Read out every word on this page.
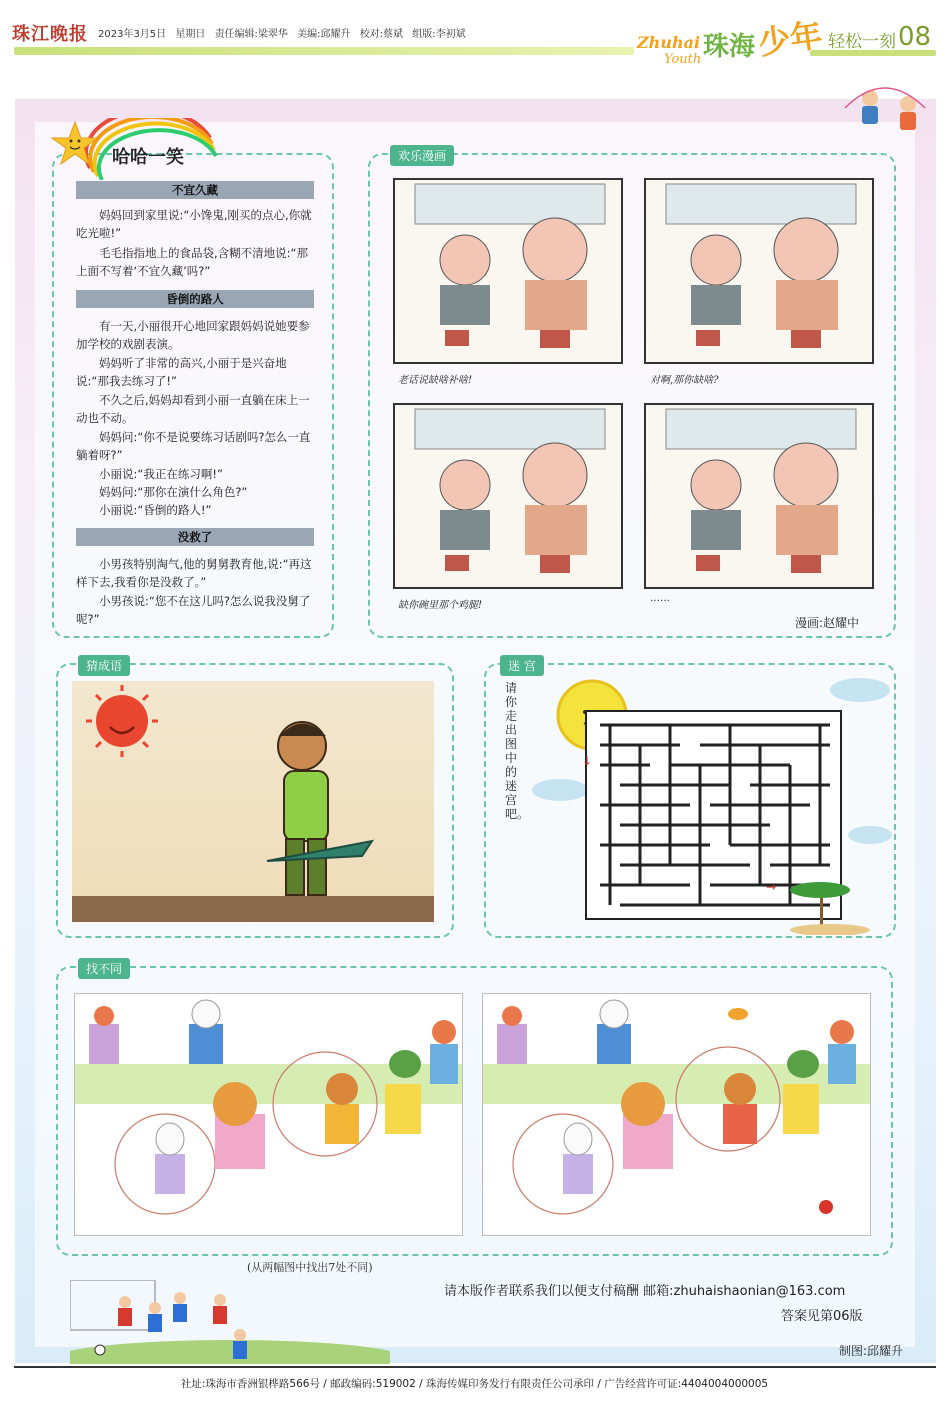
珠江晚报 2023年3月5日 星期日 责任编辑:梁翠华 美编:邱耀升 校对:蔡斌 组版:李初斌	Zhuhai
Youth 珠海 少年 轻松一刻 08
哈哈一笑
不宜久藏
妈妈回到家里说:“小馋鬼,刚买的点心,你就吃光啦!”
毛毛指指地上的食品袋,含糊不清地说:“那上面不写着‘不宜久藏’吗?”
昏倒的路人
有一天,小丽很开心地回家跟妈妈说她要参加学校的戏剧表演。
妈妈听了非常的高兴,小丽于是兴奋地说:“那我去练习了!”
不久之后,妈妈却看到小丽一直躺在床上一动也不动。
妈妈问:“你不是说要练习话剧吗?怎么一直躺着呀?”
小丽说:“我正在练习啊!”
妈妈问:“那你在演什么角色?”
小丽说:“昏倒的路人!”
没救了
小男孩特别淘气,他的舅舅教育他,说:“再这样下去,我看你是没救了。”
小男孩说:“您不在这儿吗?怎么说我没舅了呢?”
欢乐漫画
老话说缺啥补啥!	对啊,那你缺啥?
缺你碗里那个鸡腿!
……
漫画:赵耀中
猜成语	迷 宫
请你走出图中的迷宫吧。
↓
→
找不同
(从两幅图中找出7处不同)
请本版作者联系我们以便支付稿酬 邮箱:zhuhaishaonian@163.com
答案见第06版
制图:邱耀升
社址:珠海市香洲银桦路566号 / 邮政编码:519002 / 珠海传媒印务发行有限责任公司承印 / 广告经营许可证:4404004000005
